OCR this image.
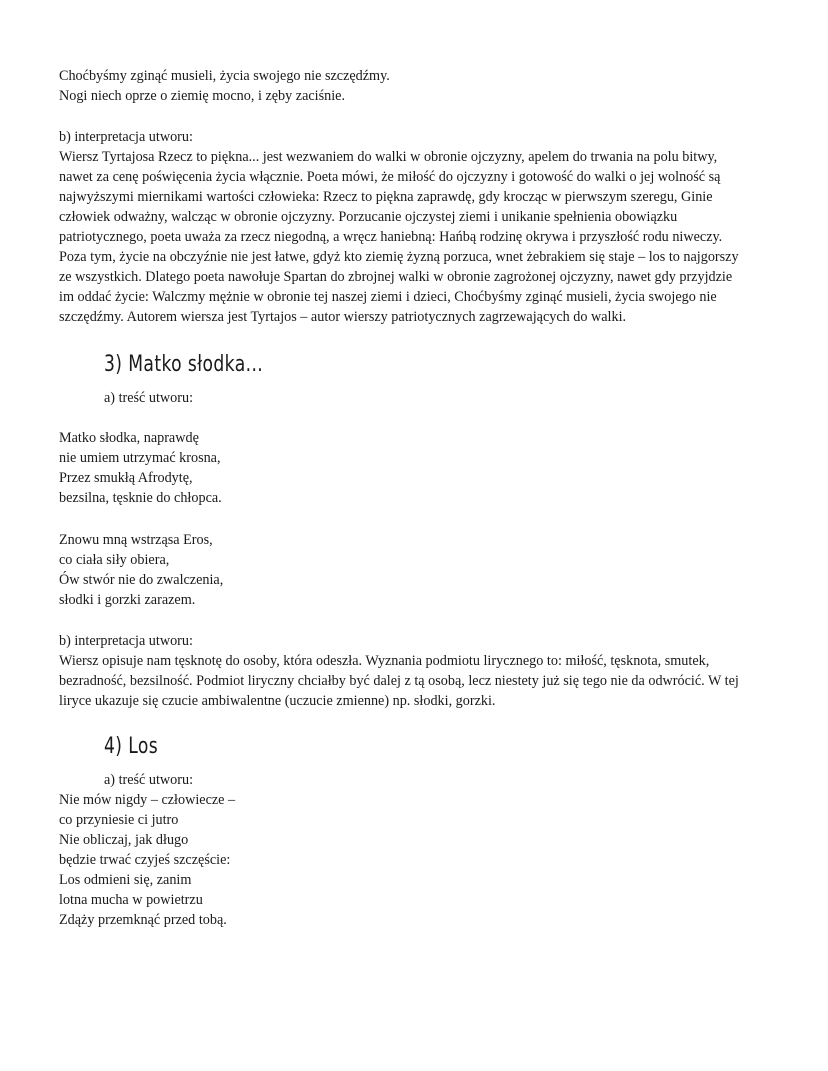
Choćbyśmy zginąć musieli, życia swojego nie szczędźmy.
Nogi niech oprze o ziemię mocno, i zęby zaciśnie.
b) interpretacja utworu:
Wiersz Tyrtajosa Rzecz to piękna... jest wezwaniem do walki w obronie ojczyzny, apelem do trwania na polu bitwy,
nawet za cenę poświęcenia życia włącznie. Poeta mówi, że miłość do ojczyzny i gotowość do walki o jej wolność są
najwyższymi miernikami wartości człowieka: Rzecz to piękna zaprawdę, gdy krocząc w pierwszym szeregu, Ginie
człowiek odważny, walcząc w obronie ojczyzny. Porzucanie ojczystej ziemi i unikanie spełnienia obowiązku
patriotycznego, poeta uważa za rzecz niegodną, a wręcz haniebną: Hańbą rodzinę okrywa i przyszłość rodu niweczy.
Poza tym, życie na obczyźnie nie jest łatwe, gdyż kto ziemię żyzną porzuca, wnet żebrakiem się staje – los to najgorszy
ze wszystkich. Dlatego poeta nawołuje Spartan do zbrojnej walki w obronie zagrożonej ojczyzny, nawet gdy przyjdzie
im oddać życie: Walczmy mężnie w obronie tej naszej ziemi i dzieci, Choćbyśmy zginąć musieli, życia swojego nie
szczędźmy. Autorem wiersza jest Tyrtajos – autor wierszy patriotycznych zagrzewających do walki.
3) Matko słodka...
a) treść utworu:
Matko słodka, naprawdę
nie umiem utrzymać krosna,
Przez smukłą Afrodytę,
bezsilna, tęsknie do chłopca.
Znowu mną wstrząsa Eros,
co ciała siły obiera,
Ów stwór nie do zwalczenia,
słodki i gorzki zarazem.
b) interpretacja utworu:
Wiersz opisuje nam tęsknotę do osoby, która odeszła. Wyznania podmiotu lirycznego to: miłość, tęsknota, smutek,
bezradność, bezsilność. Podmiot liryczny chciałby być dalej z tą osobą, lecz niestety już się tego nie da odwrócić. W tej
liryce ukazuje się czucie ambiwalentne (uczucie zmienne) np. słodki, gorzki.
4) Los
a) treść utworu:
Nie mów nigdy – człowiecze –
co przyniesie ci jutro
Nie obliczaj, jak długo
będzie trwać czyjeś szczęście:
Los odmieni się, zanim
lotna mucha w powietrzu
Zdąży przemknąć przed tobą.
